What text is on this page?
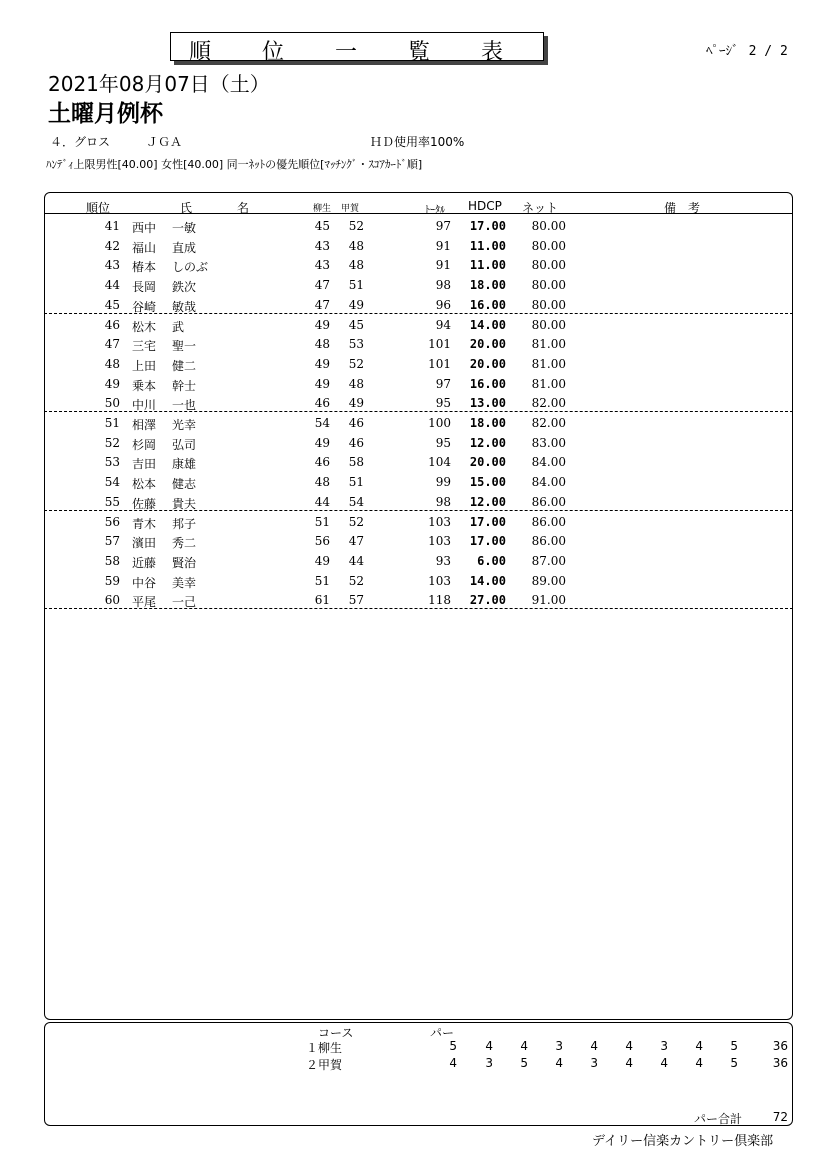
順 位 一 覧 表	ﾍﾟｰｼﾞ 2 / 2
2021年08月07日（土）
土曜月例杯
４．グロス　　　ＪＧＡ	ＨＤ使用率100%
ﾊﾝﾃﾞｨ上限男性[40.00] 女性[40.00] 同一ﾈｯﾄの優先順位[ﾏｯﾁﾝｸﾞ・ｽｺｱｶｰﾄﾞ順]
順位	氏	名	柳生 甲賀	ﾄｰﾀﾙ HDCP ネット	備　考
41 西中 一敏	45	52	97	17.00	80.00
42 福山 直成	43	48	91	11.00	80.00
43 椿本 しのぶ	43	48	91	11.00	80.00
44 長岡 鉄次	47	51	98	18.00	80.00
45 谷崎 敏哉	47	49	96	16.00	80.00
46 松木 武	49	45	94	14.00	80.00
47 三宅 聖一	48	53	101	20.00	81.00
48 上田 健二	49	52	101	20.00	81.00
49 乗本 幹士	49	48	97	16.00	81.00
50 中川 一也	46	49	95	13.00	82.00
51 相澤 光幸	54	46	100	18.00	82.00
52 杉岡 弘司	49	46	95	12.00	83.00
53 吉田 康雄	46	58	104	20.00	84.00
54 松本 健志	48	51	99	15.00	84.00
55 佐藤 貴夫	44	54	98	12.00	86.00
56 青木 邦子	51	52	103	17.00	86.00
57 濱田 秀二	56	47	103	17.00	86.00
58 近藤 賢治	49	44	93	6.00	87.00
59 中谷 美幸	51	52	103	14.00	89.00
60 平尾 一己	61	57	118	27.00	91.00
コース	パー
１柳生	5	4	4	3	4	4	3	4	5	36
２甲賀	4	3	5	4	3	4	4	4	5	36
パー合計	72
デイリー信楽カントリー倶楽部
